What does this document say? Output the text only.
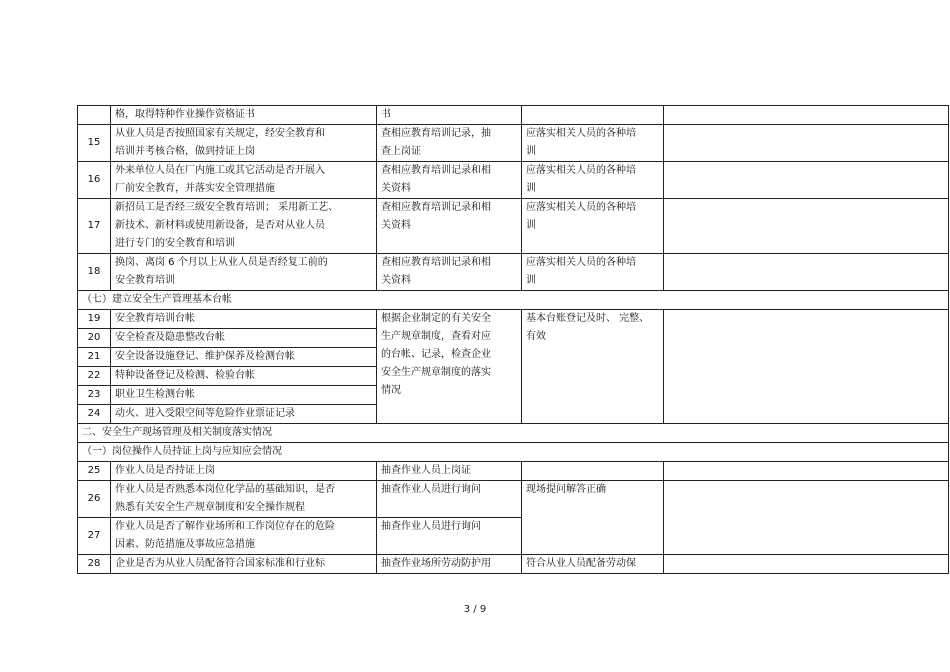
	格，取得特种作业操作资格证书	书		
15	从业人员是否按照国家有关规定，经安全教育和
培训并考核合格，做到持证上岗	查相应教育培训记录，抽
查上岗证	应落实相关人员的各种培
训	

16	外来单位人员在厂内施工或其它活动是否开展入
厂前安全教育，并落实安全管理措施	查相应教育培训记录和相
关资料	应落实相关人员的各种培
训	

17	新招员工是否经三级安全教育培训； 采用新工艺、
新技术、新材料或使用新设备，是否对从业人员
进行专门的安全教育和培训	查相应教育培训记录和相
关资料	应落实相关人员的各种培
训	

18	换岗、离岗 6 个月以上从业人员是否经复工前的
安全教育培训	查相应教育培训记录和相
关资料	应落实相关人员的各种培
训	

（七）建立安全生产管理基本台帐				
19	安全教育培训台帐	根据企业制定的有关安全
生产规章制度，查看对应
的台帐、记录，检查企业
安全生产规章制度的落实
情况	基本台账登记及时、 完整、
有效	

20	安全检查及隐患整改台帐			
21	安全设备设施登记、维护保养及检测台帐			
22	特种设备登记及检测、检验台帐			
23	职业卫生检测台帐			
24	动火、进入受限空间等危险作业票证记录			
二、安全生产现场管理及相关制度落实情况				
（一）岗位操作人员持证上岗与应知应会情况				
25	作业人员是否持证上岗	抽查作业人员上岗证		
26	作业人员是否熟悉本岗位化学品的基础知识，是否
熟悉有关安全生产规章制度和安全操作规程	抽查作业人员进行询问	现场提问解答正确	
27	作业人员是否了解作业场所和工作岗位存在的危险
因素、防范措施及事故应急措施	抽查作业人员进行询问		
28	企业是否为从业人员配备符合国家标准和行业标	抽查作业场所劳动防护用	符合从业人员配备劳动保	
3 / 9
